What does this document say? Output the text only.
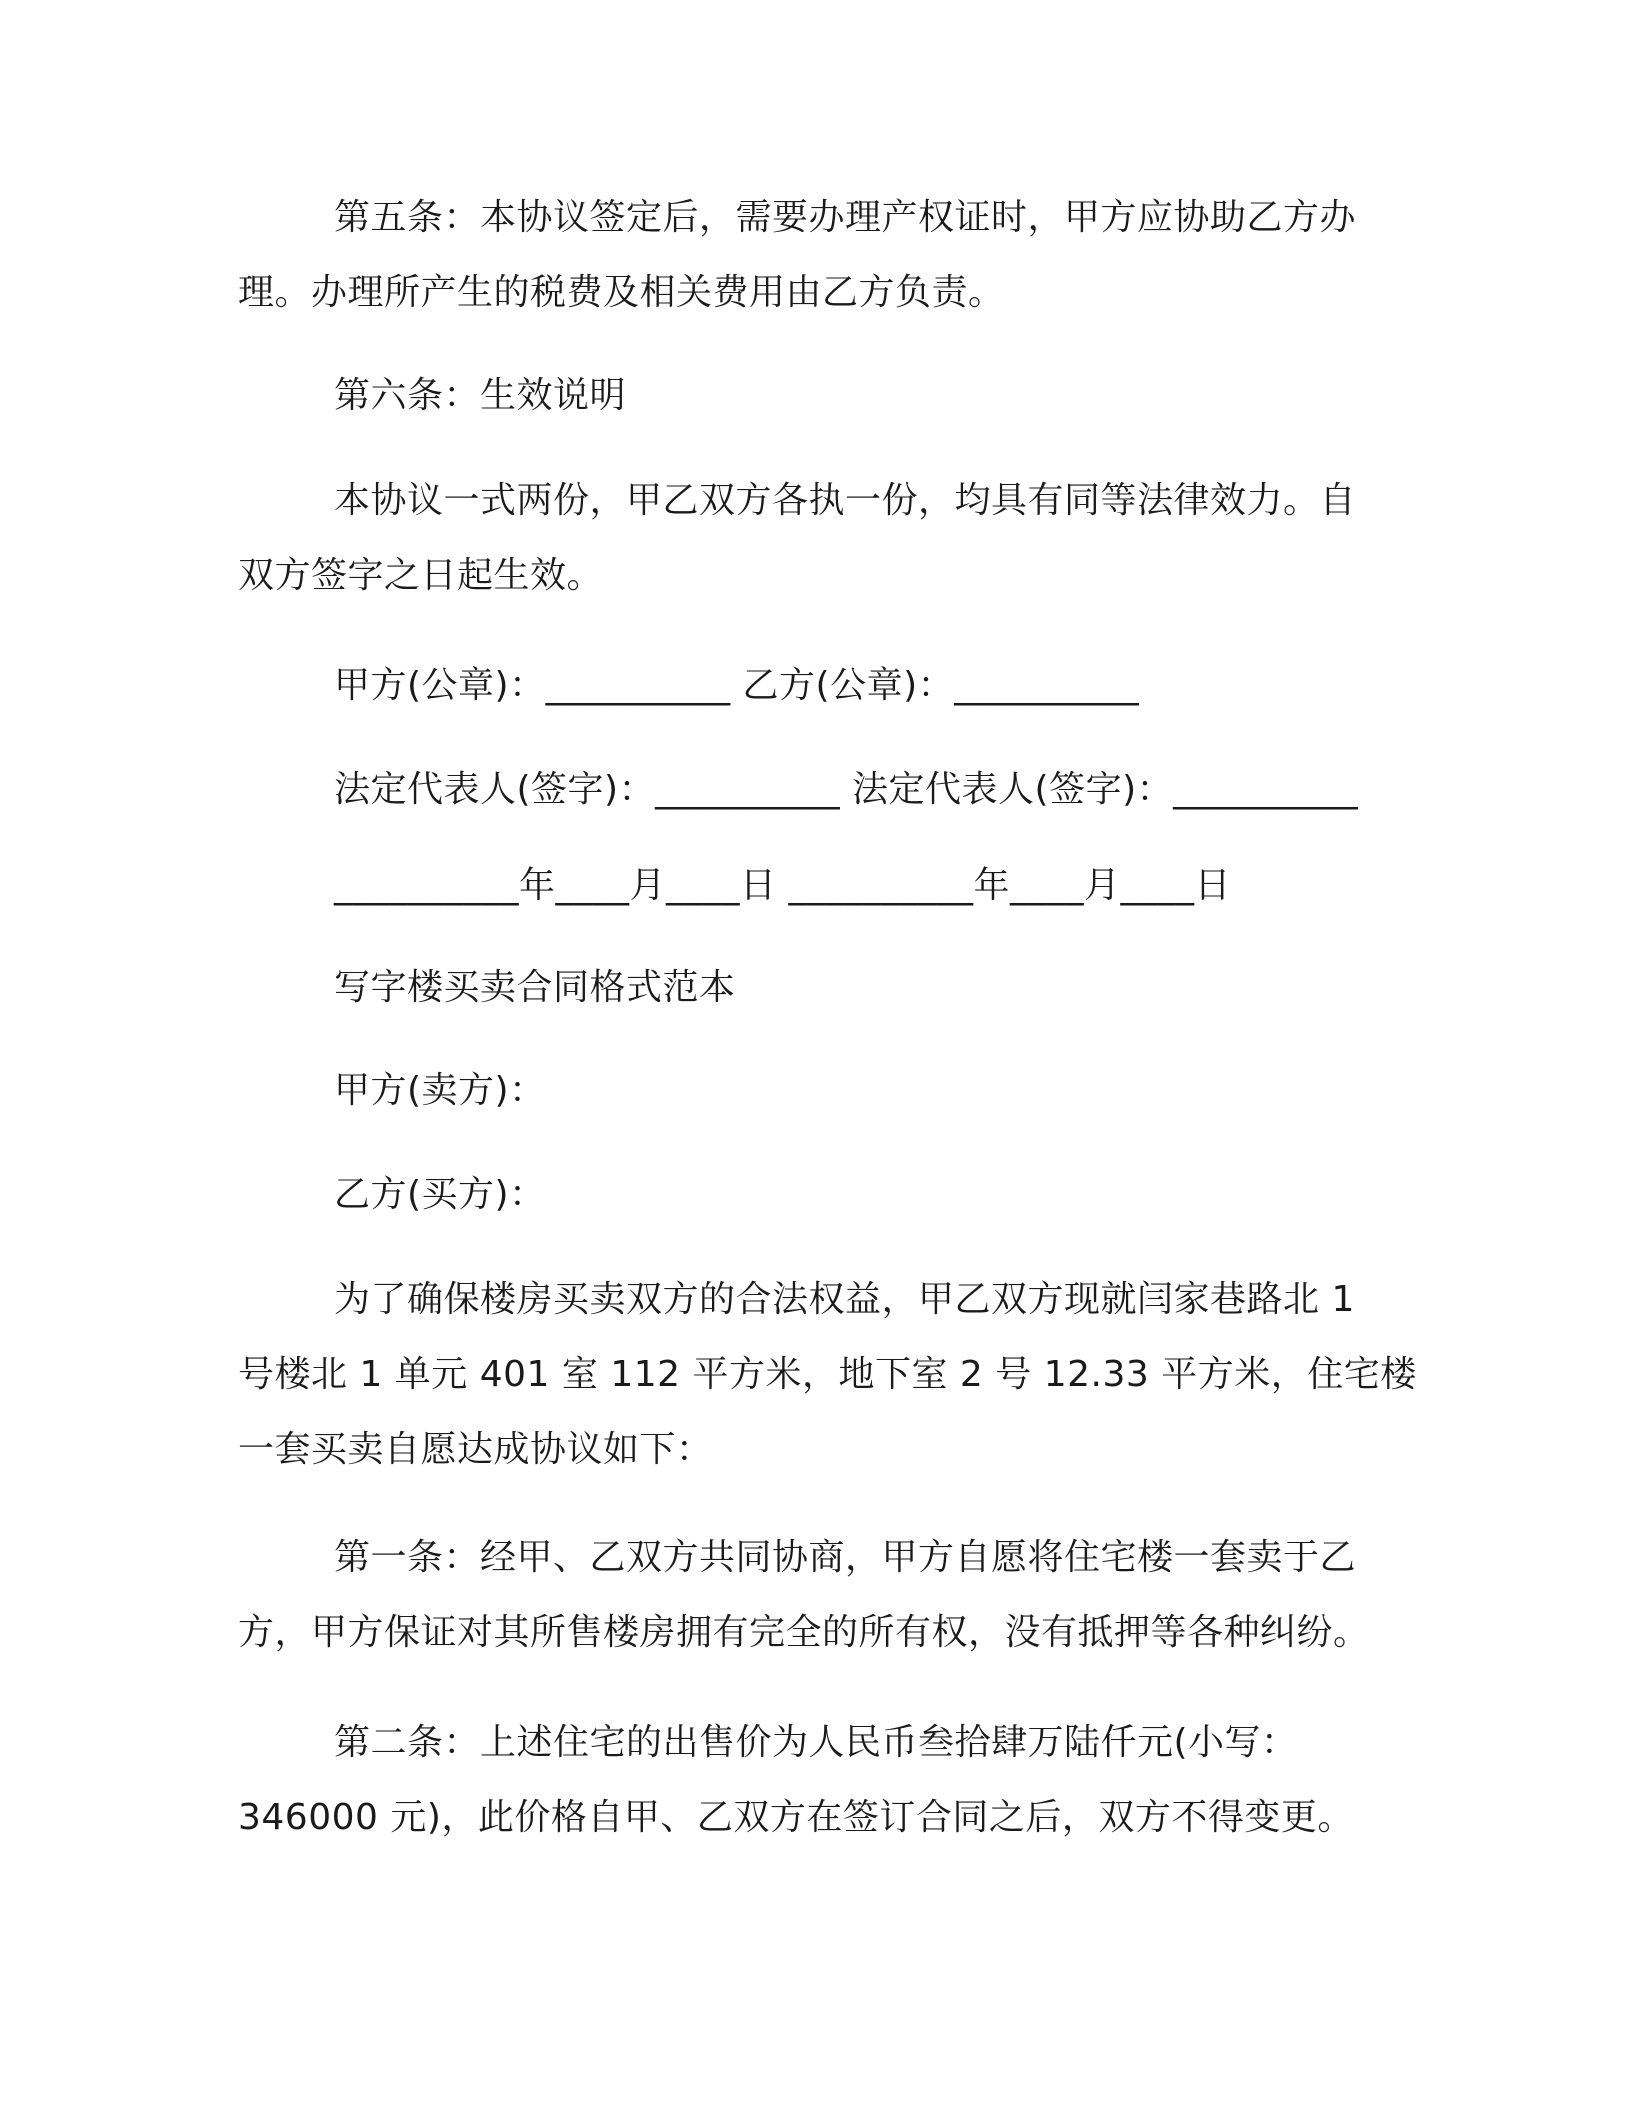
第五条：本协议签定后，需要办理产权证时，甲方应协助乙方办
理。办理所产生的税费及相关费用由乙方负责。
第六条：生效说明
本协议一式两份，甲乙双方各执一份，均具有同等法律效力。自
双方签字之日起生效。
甲方(公章)：__________ 乙方(公章)：__________
法定代表人(签字)：__________ 法定代表人(签字)：__________
__________年____月____日 __________年____月____日
写字楼买卖合同格式范本
甲方(卖方)：
乙方(买方)：
为了确保楼房买卖双方的合法权益，甲乙双方现就闫家巷路北 1
号楼北 1 单元 401 室 112 平方米，地下室 2 号 12.33 平方米，住宅楼
一套买卖自愿达成协议如下：
第一条：经甲、乙双方共同协商，甲方自愿将住宅楼一套卖于乙
方，甲方保证对其所售楼房拥有完全的所有权，没有抵押等各种纠纷。
第二条：上述住宅的出售价为人民币叁拾肆万陆仟元(小写：
346000 元)，此价格自甲、乙双方在签订合同之后，双方不得变更。
